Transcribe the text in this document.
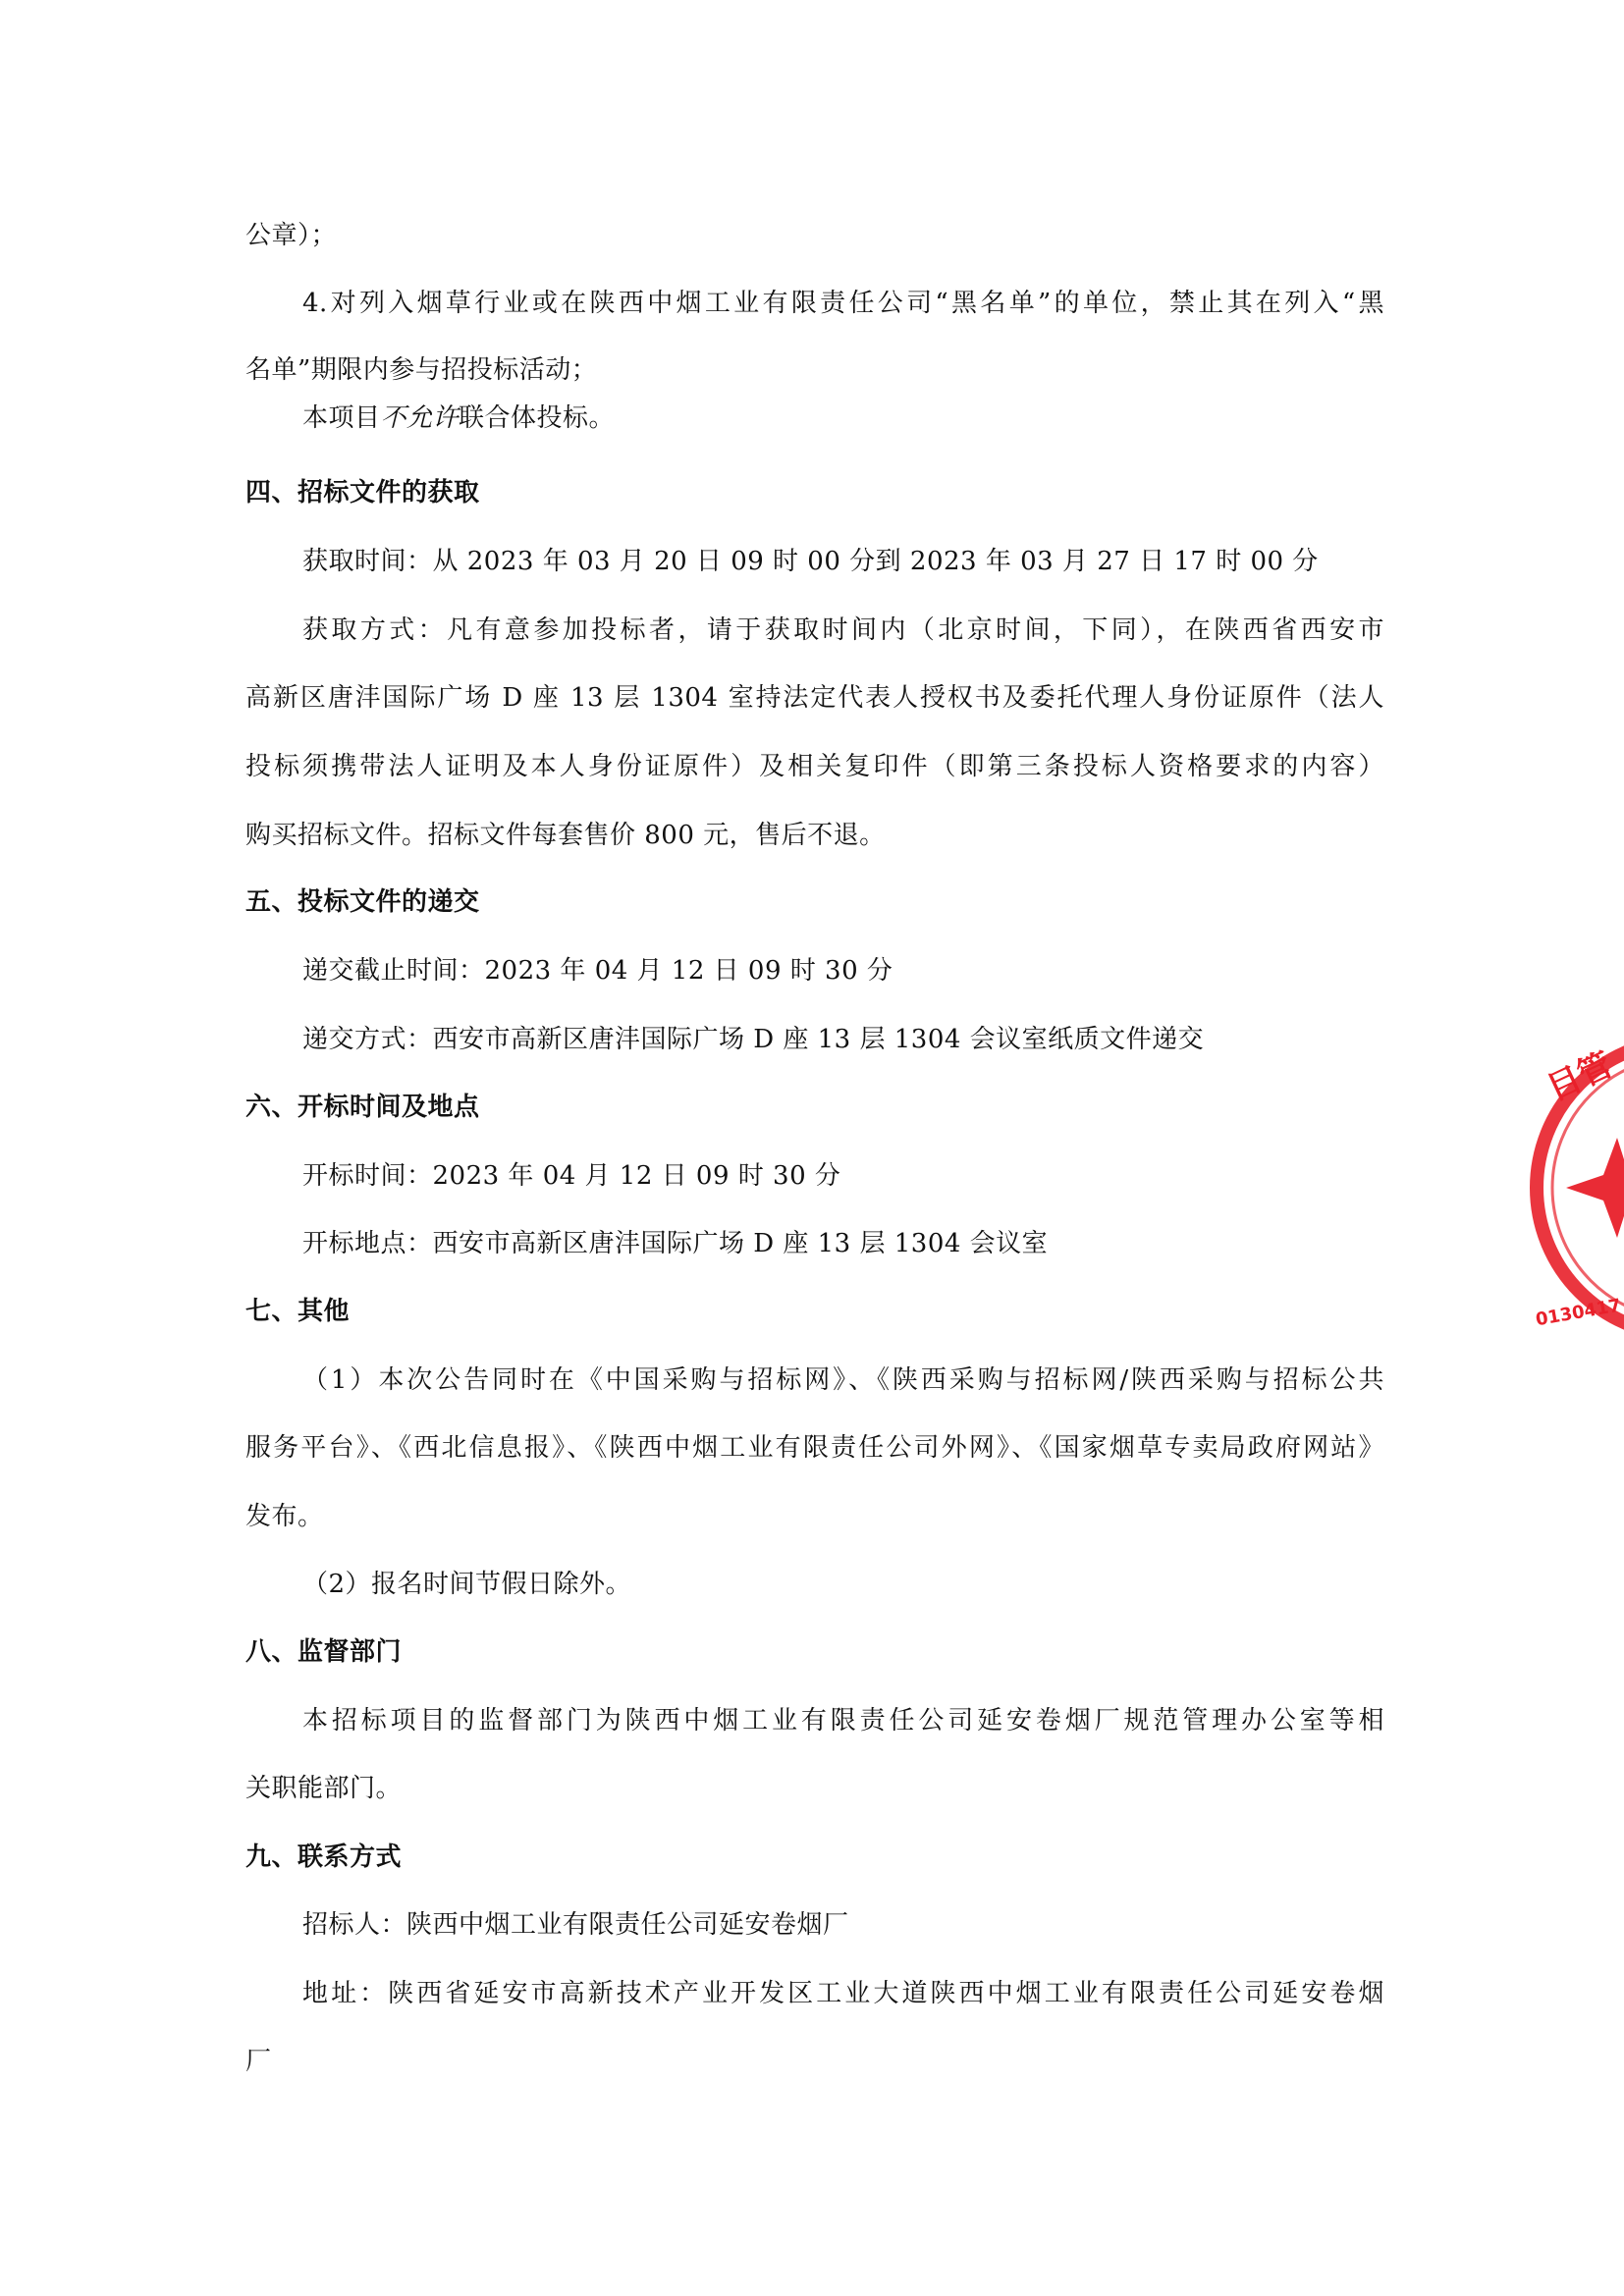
公章）；
4.对列入烟草行业或在陕西中烟工业有限责任公司“黑名单”的单位，禁止其在列入“黑
名单”期限内参与招投标活动；
本项目不允许联合体投标。
四、招标文件的获取
获取时间：从 2023 年 03 月 20 日 09 时 00 分到 2023 年 03 月 27 日 17 时 00 分
获取方式：凡有意参加投标者，请于获取时间内（北京时间，下同），在陕西省西安市
高新区唐沣国际广场 D 座 13 层 1304 室持法定代表人授权书及委托代理人身份证原件（法人
投标须携带法人证明及本人身份证原件）及相关复印件（即第三条投标人资格要求的内容）
购买招标文件。招标文件每套售价 800 元，售后不退。
五、投标文件的递交
递交截止时间：2023 年 04 月 12 日 09 时 30 分
递交方式：西安市高新区唐沣国际广场 D 座 13 层 1304 会议室纸质文件递交
六、开标时间及地点
开标时间：2023 年 04 月 12 日 09 时 30 分
开标地点：西安市高新区唐沣国际广场 D 座 13 层 1304 会议室
七、其他
（1）本次公告同时在《中国采购与招标网》、《陕西采购与招标网/陕西采购与招标公共
服务平台》、《西北信息报》、《陕西中烟工业有限责任公司外网》、《国家烟草专卖局政府网站》
发布。
（2）报名时间节假日除外。
八、监督部门
本招标项目的监督部门为陕西中烟工业有限责任公司延安卷烟厂规范管理办公室等相
关职能部门。
九、联系方式
招标人：陕西中烟工业有限责任公司延安卷烟厂
地址：陕西省延安市高新技术产业开发区工业大道陕西中烟工业有限责任公司延安卷烟
厂
目管
0130417
